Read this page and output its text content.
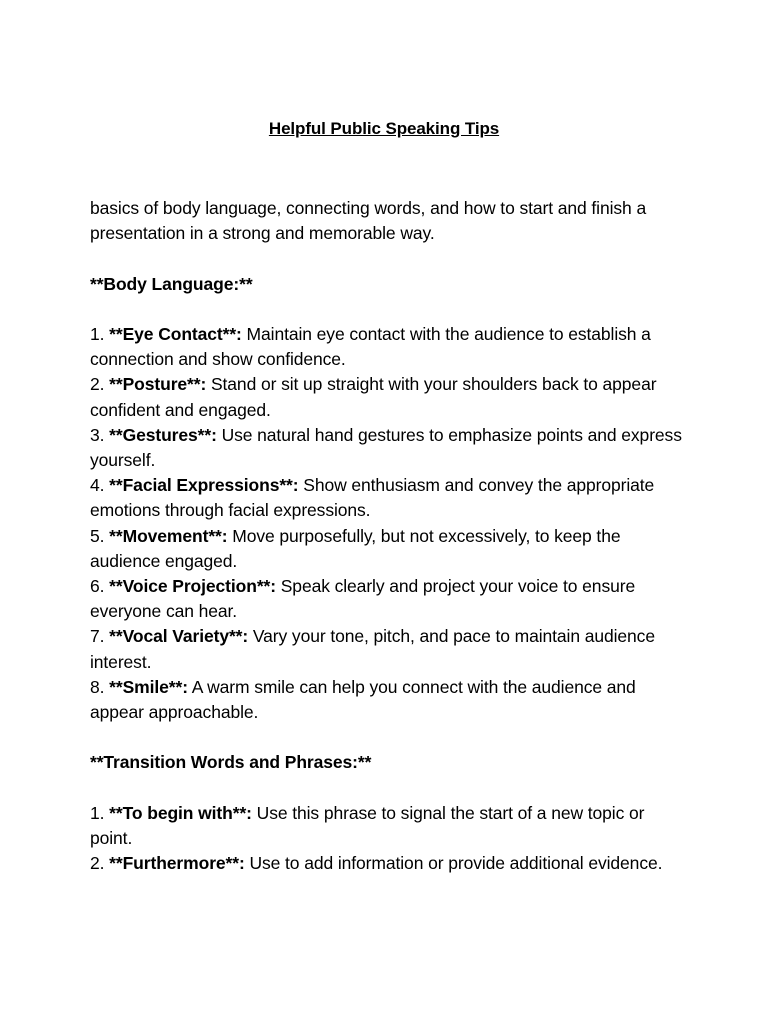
Helpful Public Speaking Tips

basics of body language, connecting words, and how to start and finish a presentation in a strong and memorable way.

**Body Language:**

1. **Eye Contact**: Maintain eye contact with the audience to establish a connection and show confidence.

2. **Posture**: Stand or sit up straight with your shoulders back to appear confident and engaged.

3. **Gestures**: Use natural hand gestures to emphasize points and express yourself.

4. **Facial Expressions**: Show enthusiasm and convey the appropriate emotions through facial expressions.

5. **Movement**: Move purposefully, but not excessively, to keep the audience engaged.

6. **Voice Projection**: Speak clearly and project your voice to ensure everyone can hear.

7. **Vocal Variety**: Vary your tone, pitch, and pace to maintain audience interest.

8. **Smile**: A warm smile can help you connect with the audience and appear approachable.

**Transition Words and Phrases:**

1. **To begin with**: Use this phrase to signal the start of a new topic or point.

2. **Furthermore**: Use to add information or provide additional evidence.
